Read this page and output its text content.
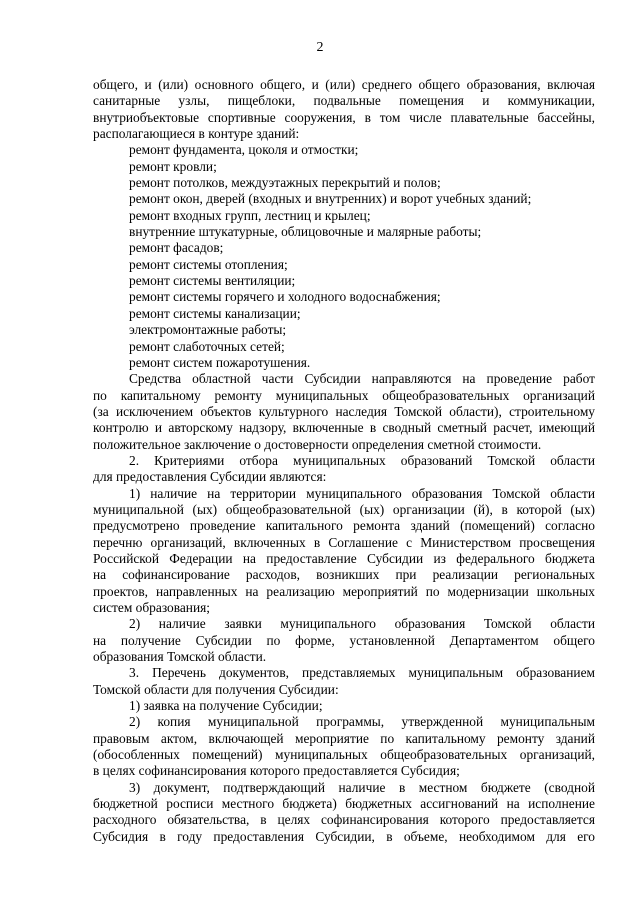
2
общего, и (или) основного общего, и (или) среднего общего образования, включая
санитарные узлы, пищеблоки, подвальные помещения и коммуникации,
внутриобъектовые спортивные сооружения, в том числе плавательные бассейны,
располагающиеся в контуре зданий:
ремонт фундамента, цоколя и отмостки;
ремонт кровли;
ремонт потолков, междуэтажных перекрытий и полов;
ремонт окон, дверей (входных и внутренних) и ворот учебных зданий;
ремонт входных групп, лестниц и крылец;
внутренние штукатурные, облицовочные и малярные работы;
ремонт фасадов;
ремонт системы отопления;
ремонт системы вентиляции;
ремонт системы горячего и холодного водоснабжения;
ремонт системы канализации;
электромонтажные работы;
ремонт слаботочных сетей;
ремонт систем пожаротушения.
Средства областной части Субсидии направляются на проведение работ
по капитальному ремонту муниципальных общеобразовательных организаций
(за исключением объектов культурного наследия Томской области), строительному
контролю и авторскому надзору, включенные в сводный сметный расчет, имеющий
положительное заключение о достоверности определения сметной стоимости.
2. Критериями отбора муниципальных образований Томской области
для предоставления Субсидии являются:
1) наличие на территории муниципального образования Томской области
муниципальной (ых) общеобразовательной (ых) организации (й), в которой (ых)
предусмотрено проведение капитального ремонта зданий (помещений) согласно
перечню организаций, включенных в Соглашение с Министерством просвещения
Российской Федерации на предоставление Субсидии из федерального бюджета
на софинансирование расходов, возникших при реализации региональных
проектов, направленных на реализацию мероприятий по модернизации школьных
систем образования;
2) наличие заявки муниципального образования Томской области
на получение Субсидии по форме, установленной Департаментом общего
образования Томской области.
3. Перечень документов, представляемых муниципальным образованием
Томской области для получения Субсидии:
1) заявка на получение Субсидии;
2) копия муниципальной программы, утвержденной муниципальным
правовым актом, включающей мероприятие по капитальному ремонту зданий
(обособленных помещений) муниципальных общеобразовательных организаций,
в целях софинансирования которого предоставляется Субсидия;
3) документ, подтверждающий наличие в местном бюджете (сводной
бюджетной росписи местного бюджета) бюджетных ассигнований на исполнение
расходного обязательства, в целях софинансирования которого предоставляется
Субсидия в году предоставления Субсидии, в объеме, необходимом для его
